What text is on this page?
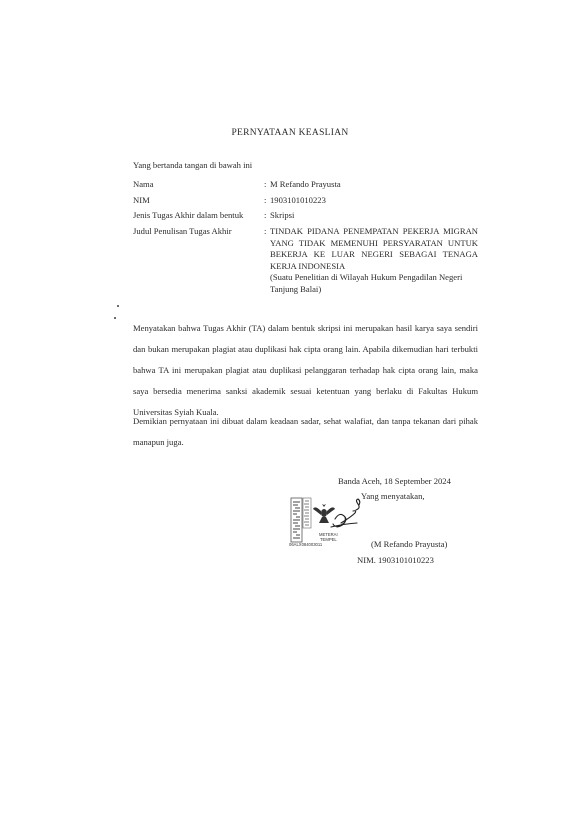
PERNYATAAN KEASLIAN
Yang bertanda tangan di bawah ini
Nama	: M Refando Prayusta
NIM	: 1903101010223
Jenis Tugas Akhir dalam bentuk	: Skripsi
Judul Penulisan Tugas Akhir	: TINDAK PIDANA PENEMPATAN PEKERJA MIGRAN YANG TIDAK MEMENUHI PERSYARATAN UNTUK BEKERJA KE LUAR NEGERI SEBAGAI TENAGA KERJA INDONESIA
(Suatu Penelitian di Wilayah Hukum Pengadilan Negeri Tanjung Balai)
Menyatakan bahwa Tugas Akhir (TA) dalam bentuk skripsi ini merupakan hasil karya saya sendiri dan bukan merupakan plagiat atau duplikasi hak cipta orang lain. Apabila dikemudian hari terbukti bahwa TA ini merupakan plagiat atau duplikasi pelanggaran terhadap hak cipta orang lain, maka saya bersedia menerima sanksi akademik sesuai ketentuan yang berlaku di Fakultas Hukum Universitas Syiah Kuala.
Demikian pernyataan ini dibuat dalam keadaan sadar, sehat walafiat, dan tanpa tekanan dari pihak manapun juga.
Banda Aceh, 18 September 2024
Yang menyatakan,
METERAI
TEMPEL
06ALX084003011	(M Refando Prayusta)
NIM. 1903101010223
